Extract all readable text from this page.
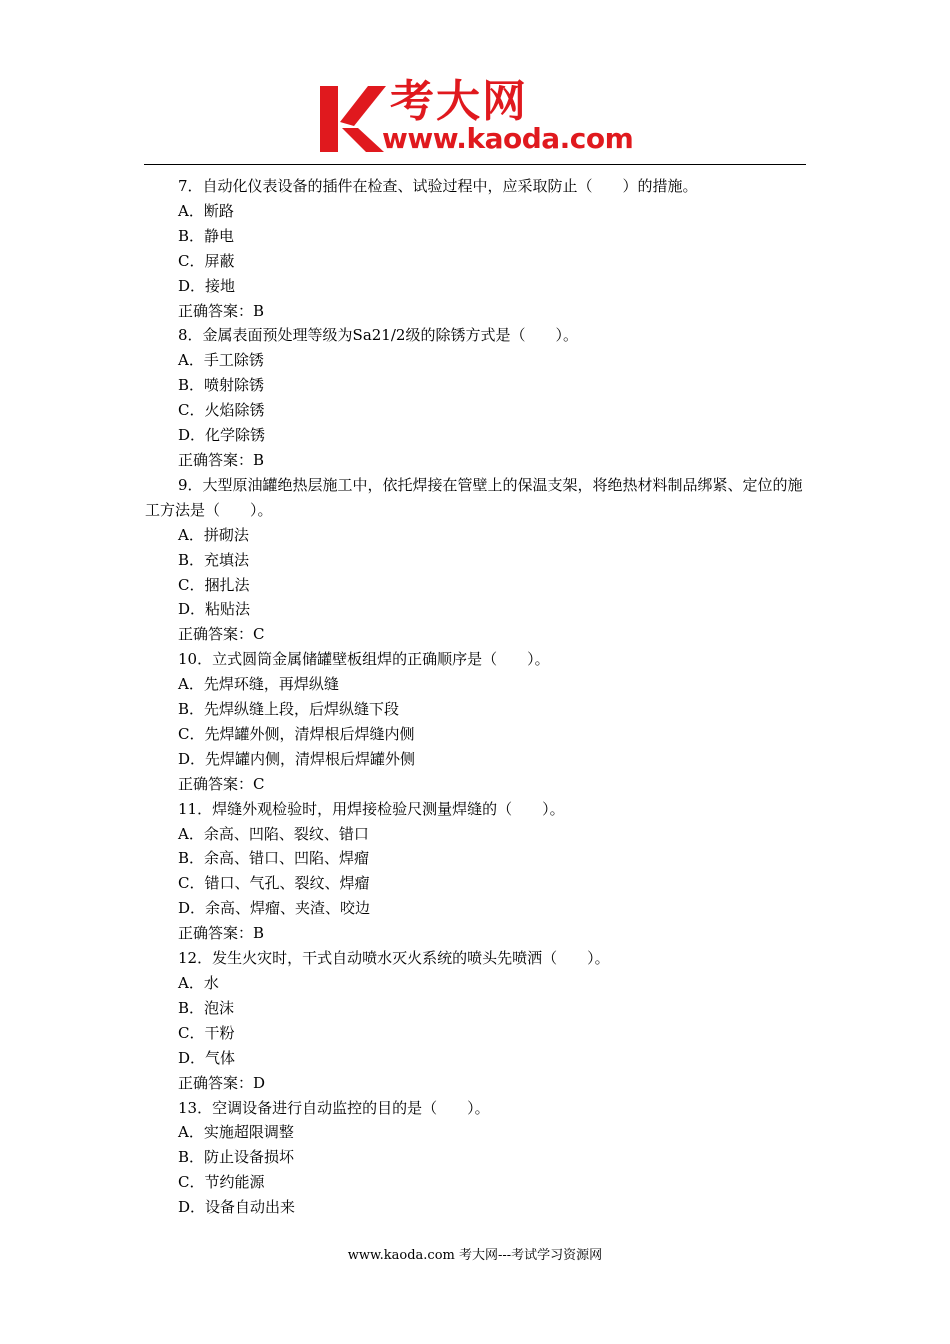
考大网
www.kaoda.com
7．自动化仪表设备的插件在检查、试验过程中，应采取防止（　　）的措施。
A．断路
B．静电
C．屏蔽
D．接地
正确答案：B
8．金属表面预处理等级为Sa21/2级的除锈方式是（　　）。
A．手工除锈
B．喷射除锈
C．火焰除锈
D．化学除锈
正确答案：B
9．大型原油罐绝热层施工中，依托焊接在管壁上的保温支架，将绝热材料制品绑紧、定位的施工方法是（　　）。
A．拼砌法
B．充填法
C．捆扎法
D．粘贴法
正确答案：C
10．立式圆筒金属储罐壁板组焊的正确顺序是（　　）。
A．先焊环缝，再焊纵缝
B．先焊纵缝上段，后焊纵缝下段
C．先焊罐外侧，清焊根后焊缝内侧
D．先焊罐内侧，清焊根后焊罐外侧
正确答案：C
11．焊缝外观检验时，用焊接检验尺测量焊缝的（　　）。
A．余高、凹陷、裂纹、错口
B．余高、错口、凹陷、焊瘤
C．错口、气孔、裂纹、焊瘤
D．余高、焊瘤、夹渣、咬边
正确答案：B
12．发生火灾时，干式自动喷水灭火系统的喷头先喷洒（　　）。
A．水
B．泡沫
C．干粉
D．气体
正确答案：D
13．空调设备进行自动监控的目的是（　　）。
A．实施超限调整
B．防止设备损坏
C．节约能源
D．设备自动出来
www.kaoda.com 考大网---考试学习资源网
